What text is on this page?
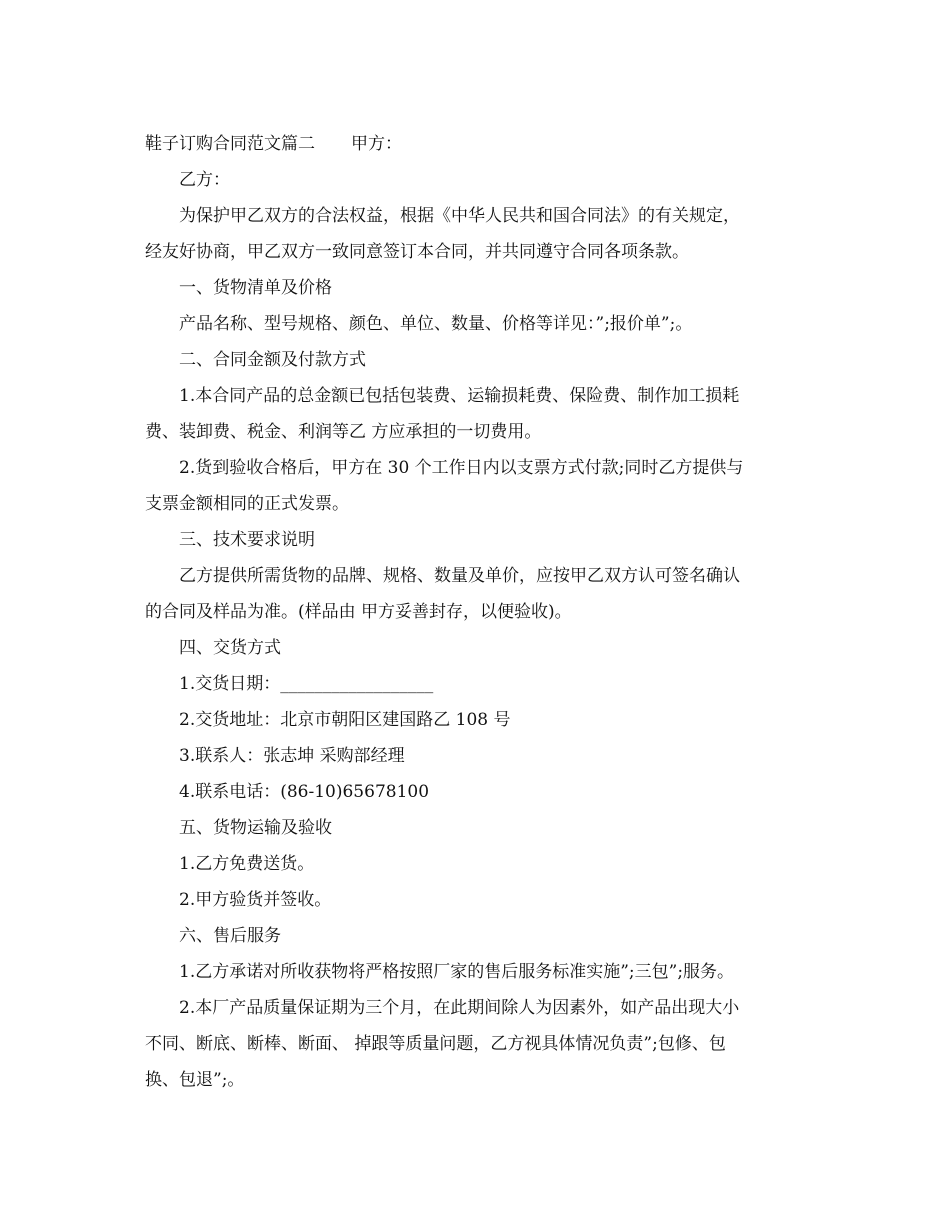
鞋子订购合同范文篇二 甲方：
乙方：
为保护甲乙双方的合法权益，根据《中华人民共和国合同法》的有关规定，
经友好协商，甲乙双方一致同意签订本合同，并共同遵守合同各项条款。
一、货物清单及价格
产品名称、型号规格、颜色、单位、数量、价格等详见：”;报价单”;。
二、合同金额及付款方式
1.本合同产品的总金额已包括包装费、运输损耗费、保险费、制作加工损耗
费、装卸费、税金、利润等乙 方应承担的一切费用。
2.货到验收合格后，甲方在 30 个工作日内以支票方式付款;同时乙方提供与
支票金额相同的正式发票。
三、技术要求说明
乙方提供所需货物的品牌、规格、数量及单价，应按甲乙双方认可签名确认
的合同及样品为准。(样品由 甲方妥善封存，以便验收)。
四、交货方式
1.交货日期：__________________
2.交货地址：北京市朝阳区建国路乙 108 号
3.联系人：张志坤 采购部经理
4.联系电话：(86-10)65678100
五、货物运输及验收
1.乙方免费送货。
2.甲方验货并签收。
六、售后服务
1.乙方承诺对所收获物将严格按照厂家的售后服务标准实施”;三包”;服务。
2.本厂产品质量保证期为三个月，在此期间除人为因素外，如产品出现大小
不同、断底、断棒、断面、 掉跟等质量问题，乙方视具体情况负责”;包修、包
换、包退”;。
